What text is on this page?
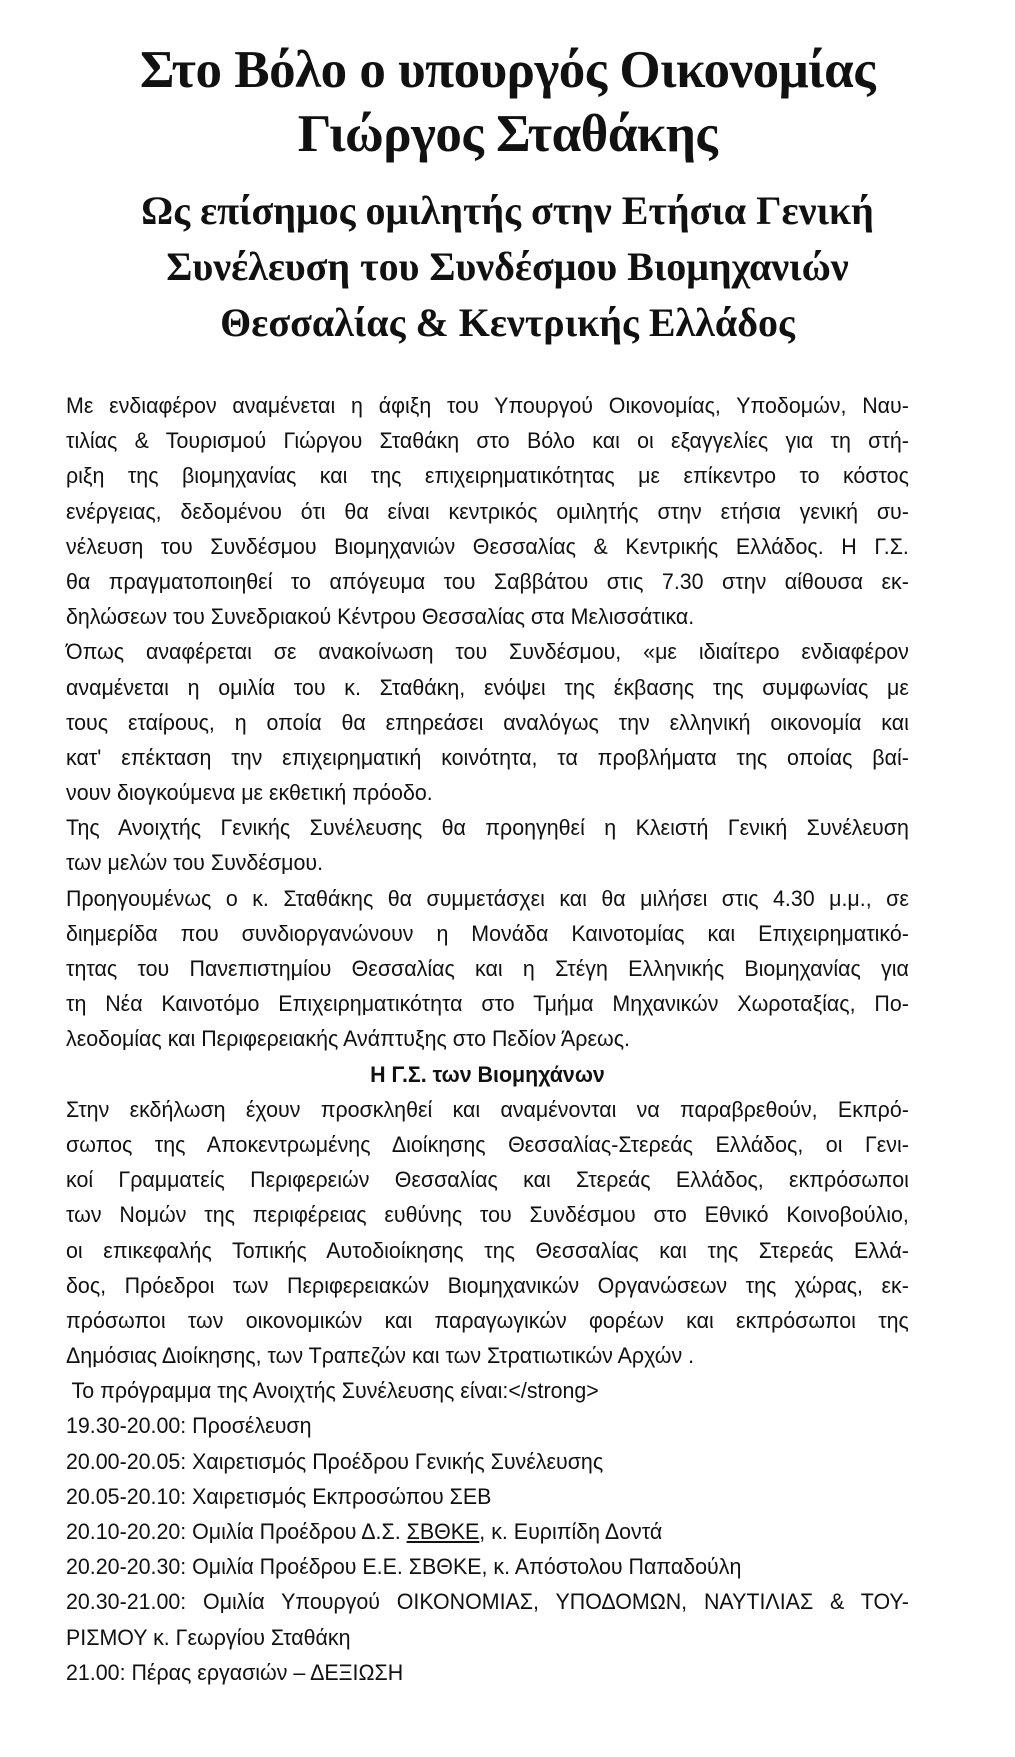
Στο Βόλο ο υπουργός Οικονομίας
Γιώργος Σταθάκης
Ως επίσημος ομιλητής στην Ετήσια Γενική
Συνέλευση του Συνδέσμου Βιομηχανιών
Θεσσαλίας & Κεντρικής Ελλάδος
Με ενδιαφέρον αναμένεται η άφιξη του Υπουργού Οικονομίας, Υποδομών, Ναυ-
τιλίας & Τουρισμού Γιώργου Σταθάκη στο Βόλο και οι εξαγγελίες για τη στή-
ριξη της βιομηχανίας και της επιχειρηματικότητας με επίκεντρο το κόστος
ενέργειας, δεδομένου ότι θα είναι κεντρικός ομιλητής στην ετήσια γενική συ-
νέλευση του Συνδέσμου Βιομηχανιών Θεσσαλίας & Κεντρικής Ελλάδος. Η Γ.Σ.
θα πραγματοποιηθεί το απόγευμα του Σαββάτου στις 7.30 στην αίθουσα εκ-
δηλώσεων του Συνεδριακού Κέντρου Θεσσαλίας στα Μελισσάτικα.
Όπως αναφέρεται σε ανακοίνωση του Συνδέσμου, «με ιδιαίτερο ενδιαφέρον
αναμένεται η ομιλία του κ. Σταθάκη, ενόψει της έκβασης της συμφωνίας με
τους εταίρους, η οποία θα επηρεάσει αναλόγως την ελληνική οικονομία και
κατ' επέκταση την επιχειρηματική κοινότητα, τα προβλήματα της οποίας βαί-
νουν διογκούμενα με εκθετική πρόοδο.
Της Ανοιχτής Γενικής Συνέλευσης θα προηγηθεί η Κλειστή Γενική Συνέλευση
των μελών του Συνδέσμου.
Προηγουμένως ο κ. Σταθάκης θα συμμετάσχει και θα μιλήσει στις 4.30 μ.μ., σε
διημερίδα που συνδιοργανώνουν η Μονάδα Καινοτομίας και Επιχειρηματικό-
τητας του Πανεπιστημίου Θεσσαλίας και η Στέγη Ελληνικής Βιομηχανίας για
τη Νέα Καινοτόμο Επιχειρηματικότητα στο Τμήμα Μηχανικών Χωροταξίας, Πο-
λεοδομίας και Περιφερειακής Ανάπτυξης στο Πεδίον Άρεως.
Η Γ.Σ. των Βιομηχάνων
Στην εκδήλωση έχουν προσκληθεί και αναμένονται να παραβρεθούν, Εκπρό-
σωπος της Αποκεντρωμένης Διοίκησης Θεσσαλίας-Στερεάς Ελλάδος, οι Γενι-
κοί Γραμματείς Περιφερειών Θεσσαλίας και Στερεάς Ελλάδος, εκπρόσωποι
των Νομών της περιφέρειας ευθύνης του Συνδέσμου στο Εθνικό Κοινοβούλιο,
οι επικεφαλής Τοπικής Αυτοδιοίκησης της Θεσσαλίας και της Στερεάς Ελλά-
δος, Πρόεδροι των Περιφερειακών Βιομηχανικών Οργανώσεων της χώρας, εκ-
πρόσωποι των οικονομικών και παραγωγικών φορέων και εκπρόσωποι της
Δημόσιας Διοίκησης, των Τραπεζών και των Στρατιωτικών Αρχών .
Το πρόγραμμα της Ανοιχτής Συνέλευσης είναι:</strong>
19.30-20.00: Προσέλευση
20.00-20.05: Χαιρετισμός Προέδρου Γενικής Συνέλευσης
20.05-20.10: Χαιρετισμός Εκπροσώπου ΣΕΒ
20.10-20.20: Ομιλία Προέδρου Δ.Σ. ΣΒΘΚΕ, κ. Ευριπίδη Δοντά
20.20-20.30: Ομιλία Προέδρου Ε.Ε. ΣΒΘΚΕ, κ. Απόστολου Παπαδούλη
20.30-21.00: Ομιλία Υπουργού ΟΙΚΟΝΟΜΙΑΣ, ΥΠΟΔΟΜΩΝ, ΝΑΥΤΙΛΙΑΣ & ΤΟΥ-
ΡΙΣΜΟΥ κ. Γεωργίου Σταθάκη
21.00: Πέρας εργασιών – ΔΕΞΙΩΣΗ
